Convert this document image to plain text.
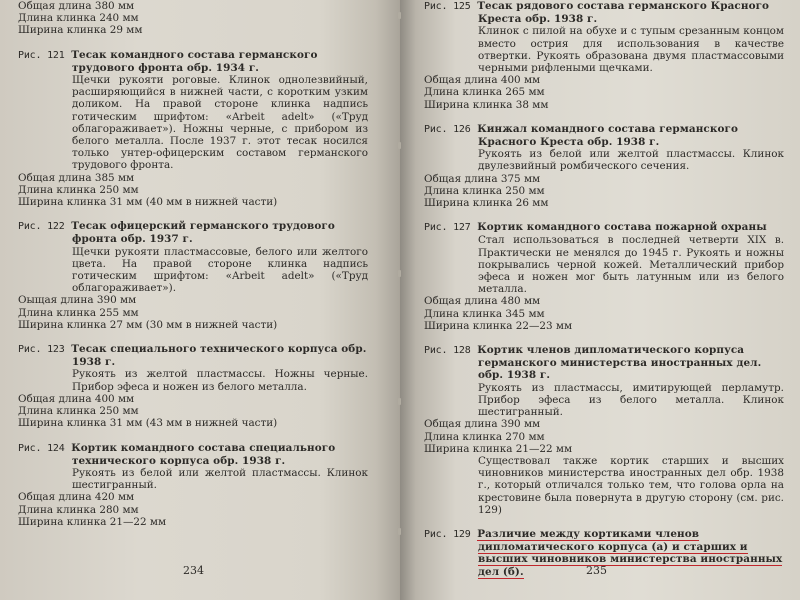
Общая длина 380 мм

Длина клинка 240 мм

Ширина клинка 29 мм

Рис. 121 Тесак командного состава германского трудового фронта обр. 1934 г.

Щечки рукояти роговые. Клинок однолезвийный, расширяющийся в нижней части, с коротким узким доликом. На правой стороне клинка надпись готическим шрифтом: «Arbeit adelt» («Труд облагораживает»). Ножны черные, с прибором из белого металла. После 1937 г. этот тесак носился только унтер-офицерским составом германского трудового фронта.

Общая длина 385 мм

Длина клинка 250 мм

Ширина клинка 31 мм (40 мм в нижней части)

Рис. 122 Тесак офицерский германского трудового фронта обр. 1937 г.

Щечки рукояти пластмассовые, белого или желтого цвета. На правой стороне клинка надпись готическим шрифтом: «Arbeit adelt» («Труд облагораживает»).

Оыщая длина 390 мм

Длина клинка 255 мм

Ширина клинка 27 мм (30 мм в нижней части)

Рис. 123 Тесак специального технического корпуса обр. 1938 г.

Рукоять из желтой пластмассы. Ножны черные. Прибор эфеса и ножен из белого металла.

Общая длина 400 мм

Длина клинка 250 мм

Ширина клинка 31 мм (43 мм в нижней части)

Рис. 124 Кортик командного состава специального технического корпуса обр. 1938 г.

Рукоять из белой или желтой пластмассы. Клинок шестигранный.

Общая длина 420 мм

Длина клинка 280 мм

Ширина клинка 21—22 мм

234

Рис. 125 Тесак рядового состава германского Красного Креста обр. 1938 г.

Клинок с пилой на обухе и с тупым срезанным концом вместо острия для использования в качестве отвертки. Рукоять образована двумя пластмассовыми черными рифлеными щечками.

Общая длина 400 мм

Длина клинка 265 мм

Ширина клинка 38 мм

Рис. 126 Кинжал командного состава германского Красного Креста обр. 1938 г.

Рукоять из белой или желтой пластмассы. Клинок двулезвийный ромбического сечения.

Общая длина 375 мм

Длина клинка 250 мм

Ширина клинка 26 мм

Рис. 127 Кортик командного состава пожарной охраны

Стал использоваться в последней четверти XIX в. Практически не менялся до 1945 г. Рукоять и ножны покрывались черной кожей. Металлический прибор эфеса и ножен мог быть латунным или из белого металла.

Общая длина 480 мм

Длина клинка 345 мм

Ширина клинка 22—23 мм

Рис. 128 Кортик членов дипломатического корпуса германского министерства иностранных дел. обр. 1938 г.

Рукоять из пластмассы, имитирующей перламутр. Прибор эфеса из белого металла. Клинок шестигранный.

Общая длина 390 мм

Длина клинка 270 мм

Ширина клинка 21—22 мм

Существовал также кортик старших и высших чиновников министерства иностранных дел обр. 1938 г., который отличался только тем, что голова орла на крестовине была повернута в другую сторону (см. рис. 129)

Рис. 129 Различие между кортиками членов дипломатического корпуса (а) и старших и высших чиновников министерства иностранных дел (б).	235
